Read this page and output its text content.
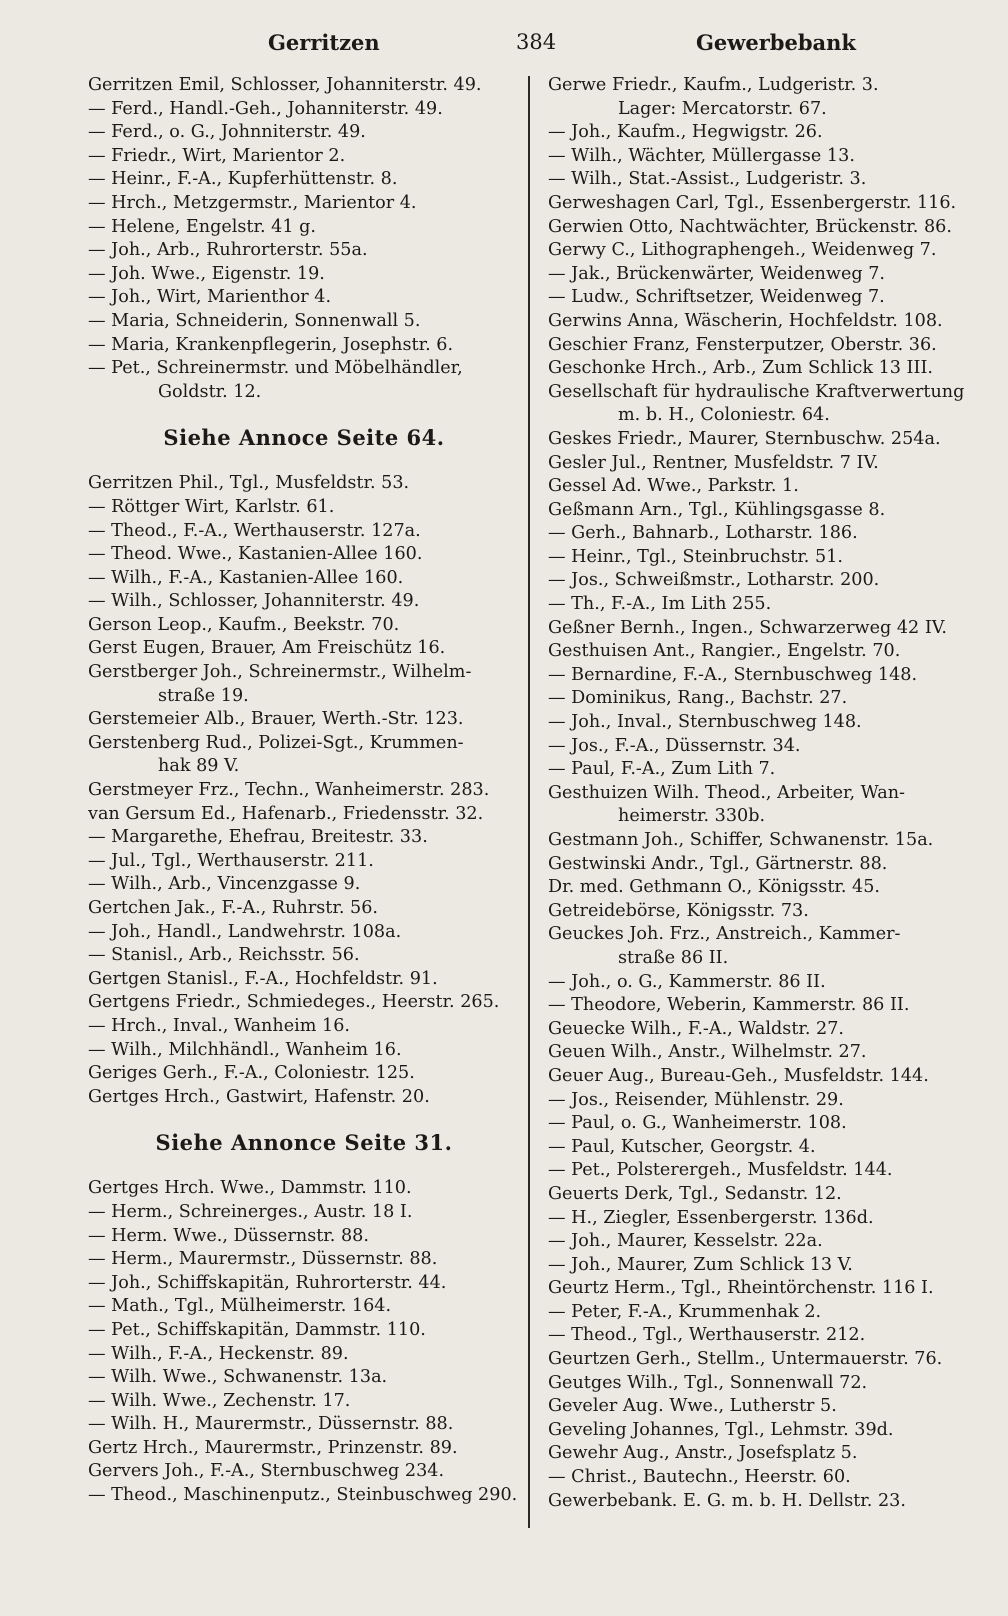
Gerritzen	384	Gewerbebank
Gerritzen Emil, Schlosser, Johanniterstr. 49.
— Ferd., Handl.-Geh., Johanniterstr. 49.
— Ferd., o. G., Johnniterstr. 49.
— Friedr., Wirt, Marientor 2.
— Heinr., F.-A., Kupferhüttenstr. 8.
— Hrch., Metzgermstr., Marientor 4.
— Helene, Engelstr. 41 g.
— Joh., Arb., Ruhrorterstr. 55a.
— Joh. Wwe., Eigenstr. 19.
— Joh., Wirt, Marienthor 4.
— Maria, Schneiderin, Sonnenwall 5.
— Maria, Krankenpflegerin, Josephstr. 6.
— Pet., Schreinermstr. und Möbelhändler,
Goldstr. 12.
Siehe Annoce Seite 64.
Gerritzen Phil., Tgl., Musfeldstr. 53.
— Röttger Wirt, Karlstr. 61.
— Theod., F.-A., Werthauserstr. 127a.
— Theod. Wwe., Kastanien-Allee 160.
— Wilh., F.-A., Kastanien-Allee 160.
— Wilh., Schlosser, Johanniterstr. 49.
Gerson Leop., Kaufm., Beekstr. 70.
Gerst Eugen, Brauer, Am Freischütz 16.
Gerstberger Joh., Schreinermstr., Wilhelm-
straße 19.
Gerstemeier Alb., Brauer, Werth.-Str. 123.
Gerstenberg Rud., Polizei-Sgt., Krummen-
hak 89 V.
Gerstmeyer Frz., Techn., Wanheimerstr. 283.
van Gersum Ed., Hafenarb., Friedensstr. 32.
— Margarethe, Ehefrau, Breitestr. 33.
— Jul., Tgl., Werthauserstr. 211.
— Wilh., Arb., Vincenzgasse 9.
Gertchen Jak., F.-A., Ruhrstr. 56.
— Joh., Handl., Landwehrstr. 108a.
— Stanisl., Arb., Reichsstr. 56.
Gertgen Stanisl., F.-A., Hochfeldstr. 91.
Gertgens Friedr., Schmiedeges., Heerstr. 265.
— Hrch., Inval., Wanheim 16.
— Wilh., Milchhändl., Wanheim 16.
Geriges Gerh., F.-A., Coloniestr. 125.
Gertges Hrch., Gastwirt, Hafenstr. 20.
Siehe Annonce Seite 31.
Gertges Hrch. Wwe., Dammstr. 110.
— Herm., Schreinerges., Austr. 18 I.
— Herm. Wwe., Düssernstr. 88.
— Herm., Maurermstr., Düssernstr. 88.
— Joh., Schiffskapitän, Ruhrorterstr. 44.
— Math., Tgl., Mülheimerstr. 164.
— Pet., Schiffskapitän, Dammstr. 110.
— Wilh., F.-A., Heckenstr. 89.
— Wilh. Wwe., Schwanenstr. 13a.
— Wilh. Wwe., Zechenstr. 17.
— Wilh. H., Maurermstr., Düssernstr. 88.
Gertz Hrch., Maurermstr., Prinzenstr. 89.
Gervers Joh., F.-A., Sternbuschweg 234.
— Theod., Maschinenputz., Steinbuschweg 290.
Gerwe Friedr., Kaufm., Ludgeristr. 3.
Lager: Mercatorstr. 67.
— Joh., Kaufm., Hegwigstr. 26.
— Wilh., Wächter, Müllergasse 13.
— Wilh., Stat.-Assist., Ludgeristr. 3.
Gerweshagen Carl, Tgl., Essenbergerstr. 116.
Gerwien Otto, Nachtwächter, Brückenstr. 86.
Gerwy C., Lithographengeh., Weidenweg 7.
— Jak., Brückenwärter, Weidenweg 7.
— Ludw., Schriftsetzer, Weidenweg 7.
Gerwins Anna, Wäscherin, Hochfeldstr. 108.
Geschier Franz, Fensterputzer, Oberstr. 36.
Geschonke Hrch., Arb., Zum Schlick 13 III.
Gesellschaft für hydraulische Kraftverwertung
m. b. H., Coloniestr. 64.
Geskes Friedr., Maurer, Sternbuschw. 254a.
Gesler Jul., Rentner, Musfeldstr. 7 IV.
Gessel Ad. Wwe., Parkstr. 1.
Geßmann Arn., Tgl., Kühlingsgasse 8.
— Gerh., Bahnarb., Lotharstr. 186.
— Heinr., Tgl., Steinbruchstr. 51.
— Jos., Schweißmstr., Lotharstr. 200.
— Th., F.-A., Im Lith 255.
Geßner Bernh., Ingen., Schwarzerweg 42 IV.
Gesthuisen Ant., Rangier., Engelstr. 70.
— Bernardine, F.-A., Sternbuschweg 148.
— Dominikus, Rang., Bachstr. 27.
— Joh., Inval., Sternbuschweg 148.
— Jos., F.-A., Düssernstr. 34.
— Paul, F.-A., Zum Lith 7.
Gesthuizen Wilh. Theod., Arbeiter, Wan-
heimerstr. 330b.
Gestmann Joh., Schiffer, Schwanenstr. 15a.
Gestwinski Andr., Tgl., Gärtnerstr. 88.
Dr. med. Gethmann O., Königsstr. 45.
Getreidebörse, Königsstr. 73.
Geuckes Joh. Frz., Anstreich., Kammer-
straße 86 II.
— Joh., o. G., Kammerstr. 86 II.
— Theodore, Weberin, Kammerstr. 86 II.
Geuecke Wilh., F.-A., Waldstr. 27.
Geuen Wilh., Anstr., Wilhelmstr. 27.
Geuer Aug., Bureau-Geh., Musfeldstr. 144.
— Jos., Reisender, Mühlenstr. 29.
— Paul, o. G., Wanheimerstr. 108.
— Paul, Kutscher, Georgstr. 4.
— Pet., Polsterergeh., Musfeldstr. 144.
Geuerts Derk, Tgl., Sedanstr. 12.
— H., Ziegler, Essenbergerstr. 136d.
— Joh., Maurer, Kesselstr. 22a.
— Joh., Maurer, Zum Schlick 13 V.
Geurtz Herm., Tgl., Rheintörchenstr. 116 I.
— Peter, F.-A., Krummenhak 2.
— Theod., Tgl., Werthauserstr. 212.
Geurtzen Gerh., Stellm., Untermauerstr. 76.
Geutges Wilh., Tgl., Sonnenwall 72.
Geveler Aug. Wwe., Lutherstr 5.
Geveling Johannes, Tgl., Lehmstr. 39d.
Gewehr Aug., Anstr., Josefsplatz 5.
— Christ., Bautechn., Heerstr. 60.
Gewerbebank. E. G. m. b. H. Dellstr. 23.
